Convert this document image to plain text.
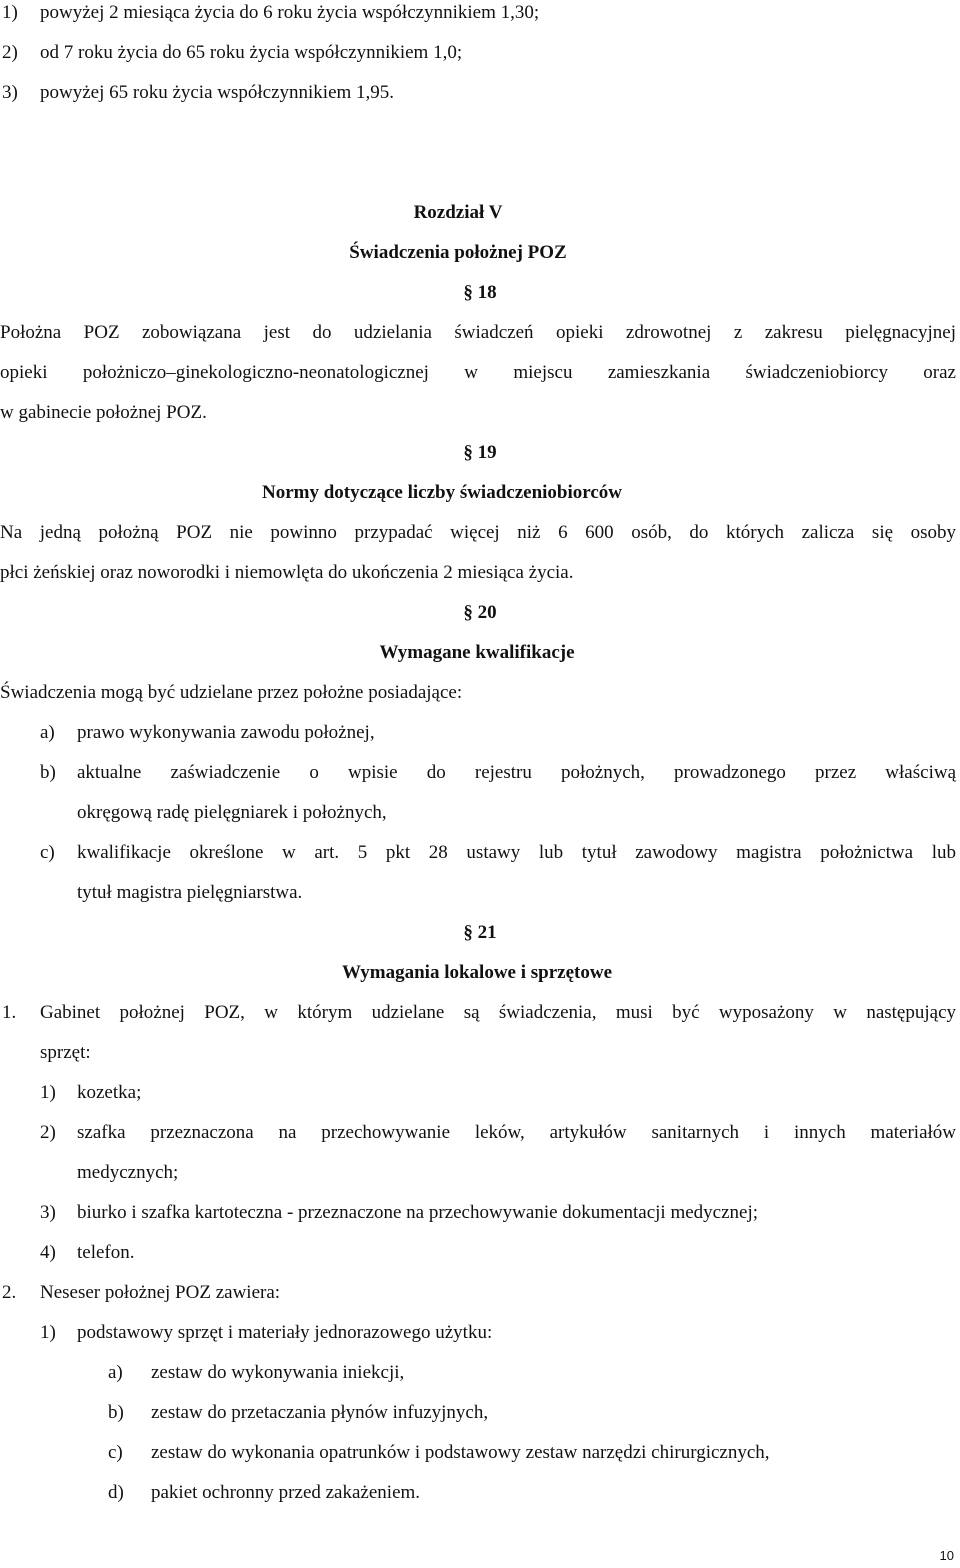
1) powyżej 2 miesiąca życia do 6 roku życia współczynnikiem 1,30;
2) od 7 roku życia do 65 roku życia współczynnikiem 1,0;
3) powyżej 65 roku życia współczynnikiem 1,95.
Rozdział V
Świadczenia położnej POZ
§ 18
Położna POZ zobowiązana jest do udzielania świadczeń opieki zdrowotnej z zakresu pielęgnacyjnej
opieki położniczo–ginekologiczno-neonatologicznej w miejscu zamieszkania świadczeniobiorcy oraz
w gabinecie położnej POZ.
§ 19
Normy dotyczące liczby świadczeniobiorców
Na jedną położną POZ nie powinno przypadać więcej niż 6 600 osób, do których zalicza się osoby
płci żeńskiej oraz noworodki i niemowlęta do ukończenia 2 miesiąca życia.
§ 20
Wymagane kwalifikacje
Świadczenia mogą być udzielane przez położne posiadające:
a) prawo wykonywania zawodu położnej,
b) aktualne zaświadczenie o wpisie do rejestru położnych, prowadzonego przez właściwą
okręgową radę pielęgniarek i położnych,
c) kwalifikacje określone w art. 5 pkt 28 ustawy lub tytuł zawodowy magistra położnictwa lub
tytuł magistra pielęgniarstwa.
§ 21
Wymagania lokalowe i sprzętowe
1. Gabinet położnej POZ, w którym udzielane są świadczenia, musi być wyposażony w następujący
sprzęt:
1) kozetka;
2) szafka przeznaczona na przechowywanie leków, artykułów sanitarnych i innych materiałów
medycznych;
3) biurko i szafka kartoteczna - przeznaczone na przechowywanie dokumentacji medycznej;
4) telefon.
2. Neseser położnej POZ zawiera:
1) podstawowy sprzęt i materiały jednorazowego użytku:
a) zestaw do wykonywania iniekcji,
b) zestaw do przetaczania płynów infuzyjnych,
c) zestaw do wykonania opatrunków i podstawowy zestaw narzędzi chirurgicznych,
d) pakiet ochronny przed zakażeniem.
10
